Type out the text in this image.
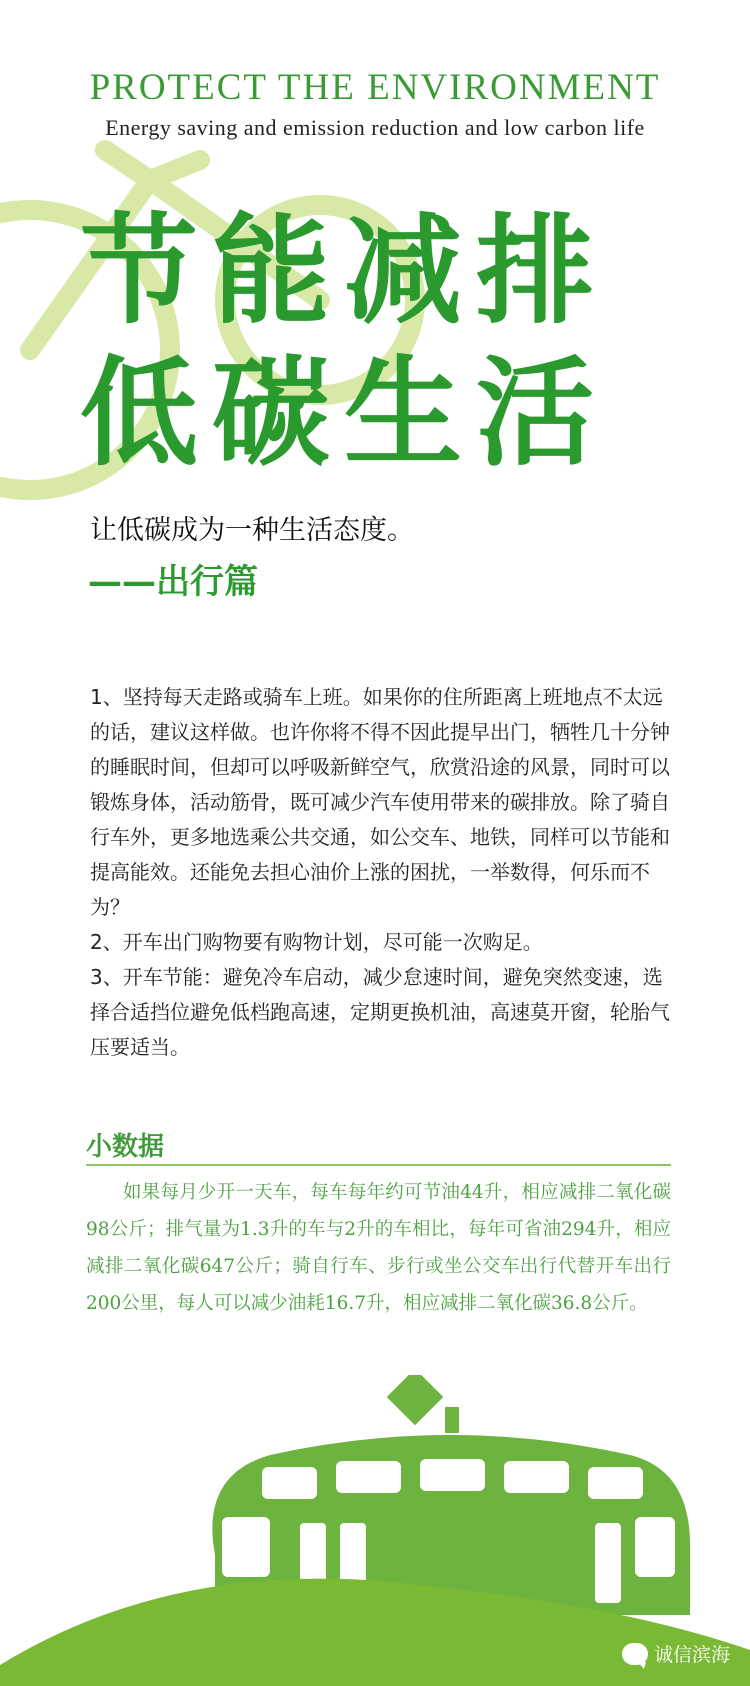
PROTECT THE ENVIRONMENT
Energy saving and emission reduction and low carbon life
节能减排
低碳生活
让低碳成为一种生活态度。
——出行篇

1、坚持每天走路或骑车上班。如果你的住所距离上班地点不太远的话，建议这样做。也许你将不得不因此提早出门，牺牲几十分钟的睡眠时间，但却可以呼吸新鲜空气，欣赏沿途的风景，同时可以锻炼身体，活动筋骨，既可减少汽车使用带来的碳排放。除了骑自行车外，更多地选乘公共交通，如公交车、地铁，同样可以节能和提高能效。还能免去担心油价上涨的困扰，一举数得，何乐而不为？

2、开车出门购物要有购物计划，尽可能一次购足。

3、开车节能：避免冷车启动，减少怠速时间，避免突然变速，选择合适挡位避免低档跑高速，定期更换机油，高速莫开窗，轮胎气压要适当。

小数据
如果每月少开一天车，每车每年约可节油44升，相应减排二氧化碳98公斤；排气量为1.3升的车与2升的车相比，每年可省油294升，相应减排二氧化碳647公斤；骑自行车、步行或坐公交车出行代替开车出行200公里，每人可以减少油耗16.7升，相应减排二氧化碳36.8公斤。
诚信滨海
